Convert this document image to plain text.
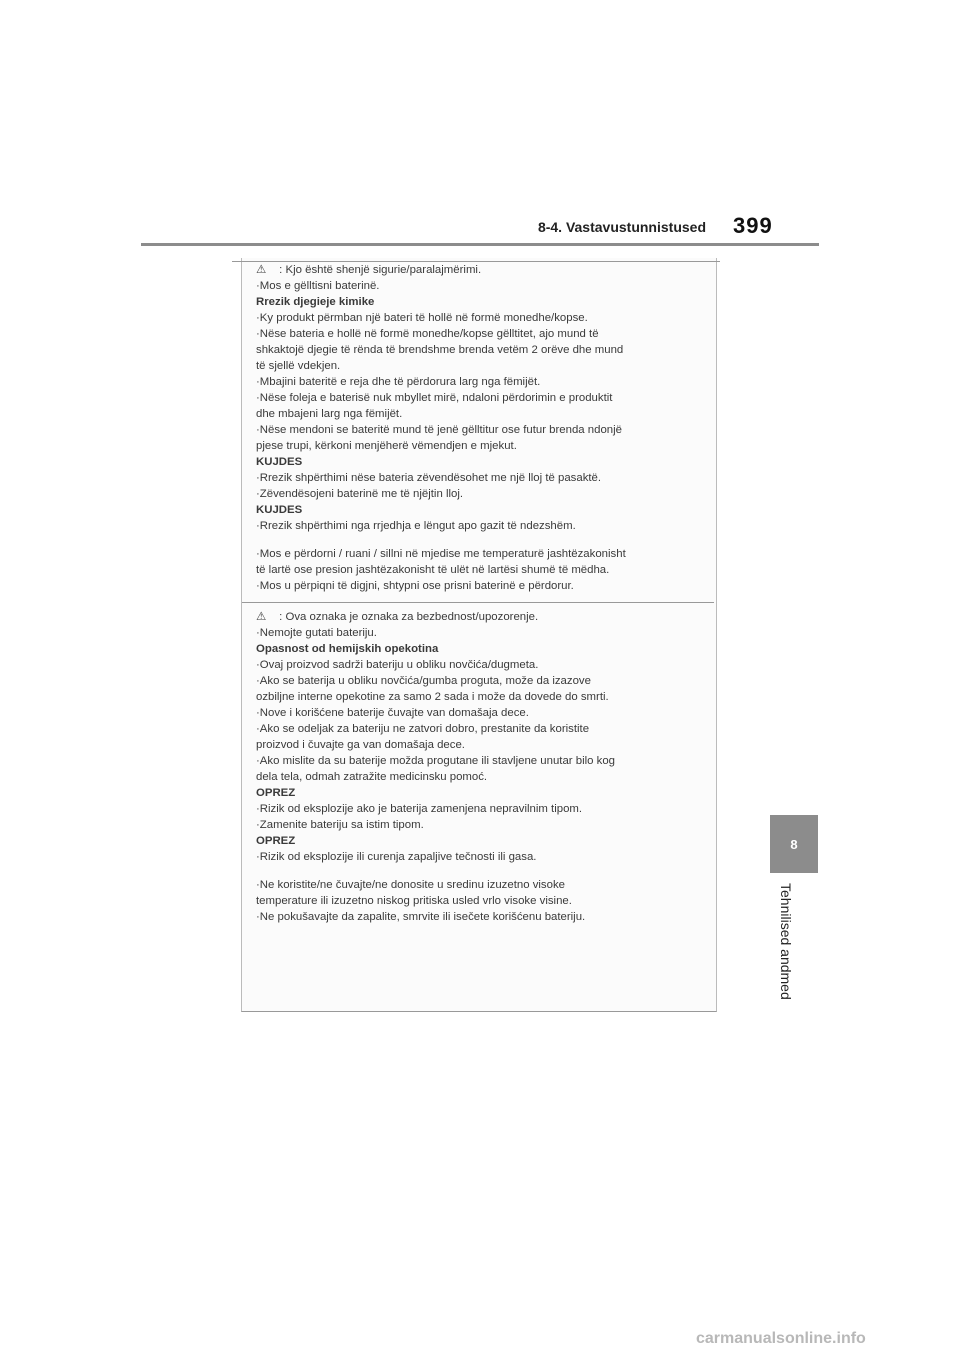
8-4. Vastavustunnistused 399
8
Tehnilised andmed
⚠ : Kjo është shenjë sigurie/paralajmërimi.
·Mos e gëlltisni baterinë.
Rrezik djegieje kimike
·Ky produkt përmban një bateri të hollë në formë monedhe/kopse.
·Nëse bateria e hollë në formë monedhe/kopse gëlltitet, ajo mund të
shkaktojë djegie të rënda të brendshme brenda vetëm 2 orëve dhe mund
të sjellë vdekjen.
·Mbajini bateritë e reja dhe të përdorura larg nga fëmijët.
·Nëse foleja e baterisë nuk mbyllet mirë, ndaloni përdorimin e produktit
dhe mbajeni larg nga fëmijët.
·Nëse mendoni se bateritë mund të jenë gëlltitur ose futur brenda ndonjë
pjese trupi, kërkoni menjëherë vëmendjen e mjekut.
KUJDES
·Rrezik shpërthimi nëse bateria zëvendësohet me një lloj të pasaktë.
·Zëvendësojeni baterinë me të njëjtin lloj.
KUJDES
·Rrezik shpërthimi nga rrjedhja e lëngut apo gazit të ndezshëm.
·Mos e përdorni / ruani / sillni në mjedise me temperaturë jashtëzakonisht
të lartë ose presion jashtëzakonisht të ulët në lartësi shumë të mëdha.
·Mos u përpiqni të digjni, shtypni ose prisni baterinë e përdorur.
⚠ : Ova oznaka je oznaka za bezbednost/upozorenje.
·Nemojte gutati bateriju.
Opasnost od hemijskih opekotina
·Ovaj proizvod sadrži bateriju u obliku novčića/dugmeta.
·Ako se baterija u obliku novčića/gumba proguta, može da izazove
ozbiljne interne opekotine za samo 2 sada i može da dovede do smrti.
·Nove i korišćene baterije čuvajte van domašaja dece.
·Ako se odeljak za bateriju ne zatvori dobro, prestanite da koristite
proizvod i čuvajte ga van domašaja dece.
·Ako mislite da su baterije možda progutane ili stavljene unutar bilo kog
dela tela, odmah zatražite medicinsku pomoć.
OPREZ
·Rizik od eksplozije ako je baterija zamenjena nepravilnim tipom.
·Zamenite bateriju sa istim tipom.
OPREZ
·Rizik od eksplozije ili curenja zapaljive tečnosti ili gasa.
·Ne koristite/ne čuvajte/ne donosite u sredinu izuzetno visoke
temperature ili izuzetno niskog pritiska usled vrlo visoke visine.
·Ne pokušavajte da zapalite, smrvite ili isečete korišćenu bateriju.
carmanualsonline.info
